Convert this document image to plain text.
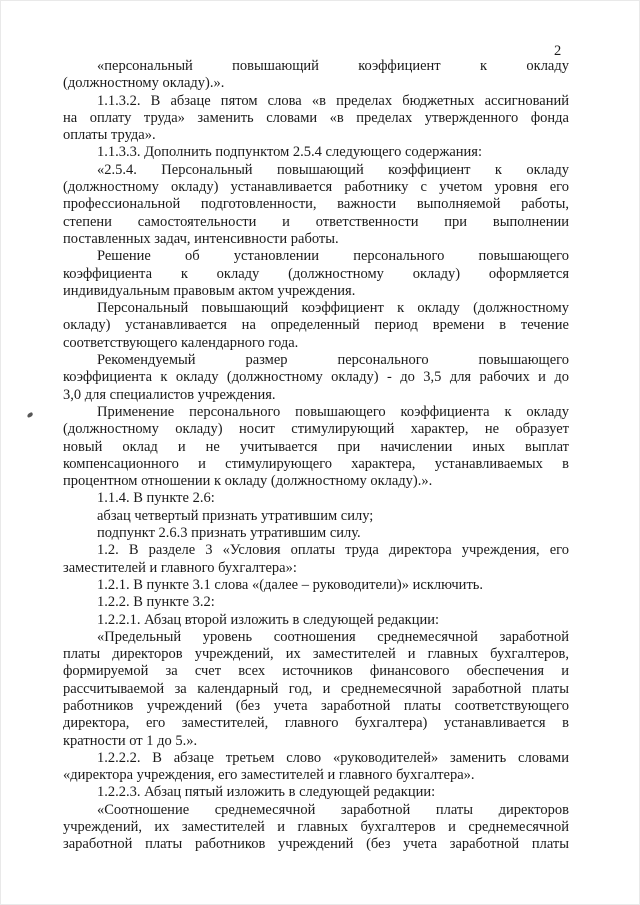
2
«персональный повышающий коэффициент к окладу
(должностному окладу).».
1.1.3.2. В абзаце пятом слова «в пределах бюджетных ассигнований
на оплату труда» заменить словами «в пределах утвержденного фонда
оплаты труда».
1.1.3.3. Дополнить подпунктом 2.5.4 следующего содержания:
«2.5.4. Персональный повышающий коэффициент к окладу
(должностному окладу) устанавливается работнику с учетом уровня его
профессиональной подготовленности, важности выполняемой работы,
степени самостоятельности и ответственности при выполнении
поставленных задач, интенсивности работы.
Решение об установлении персонального повышающего
коэффициента к окладу (должностному окладу) оформляется
индивидуальным правовым актом учреждения.
Персональный повышающий коэффициент к окладу (должностному
окладу) устанавливается на определенный период времени в течение
соответствующего календарного года.
Рекомендуемый размер персонального повышающего
коэффициента к окладу (должностному окладу) - до 3,5 для рабочих и до
3,0 для специалистов учреждения.
Применение персонального повышающего коэффициента к окладу
(должностному окладу) носит стимулирующий характер, не образует
новый оклад и не учитывается при начислении иных выплат
компенсационного и стимулирующего характера, устанавливаемых в
процентном отношении к окладу (должностному окладу).».
1.1.4. В пункте 2.6:
абзац четвертый признать утратившим силу;
подпункт 2.6.3 признать утратившим силу.
1.2. В разделе 3 «Условия оплаты труда директора учреждения, его
заместителей и главного бухгалтера»:
1.2.1. В пункте 3.1 слова «(далее – руководители)» исключить.
1.2.2. В пункте 3.2:
1.2.2.1. Абзац второй изложить в следующей редакции:
«Предельный уровень соотношения среднемесячной заработной
платы директоров учреждений, их заместителей и главных бухгалтеров,
формируемой за счет всех источников финансового обеспечения и
рассчитываемой за календарный год, и среднемесячной заработной платы
работников учреждений (без учета заработной платы соответствующего
директора, его заместителей, главного бухгалтера) устанавливается в
кратности от 1 до 5.».
1.2.2.2. В абзаце третьем слово «руководителей» заменить словами
«директора учреждения, его заместителей и главного бухгалтера».
1.2.2.3. Абзац пятый изложить в следующей редакции:
«Соотношение среднемесячной заработной платы директоров
учреждений, их заместителей и главных бухгалтеров и среднемесячной
заработной платы работников учреждений (без учета заработной платы
